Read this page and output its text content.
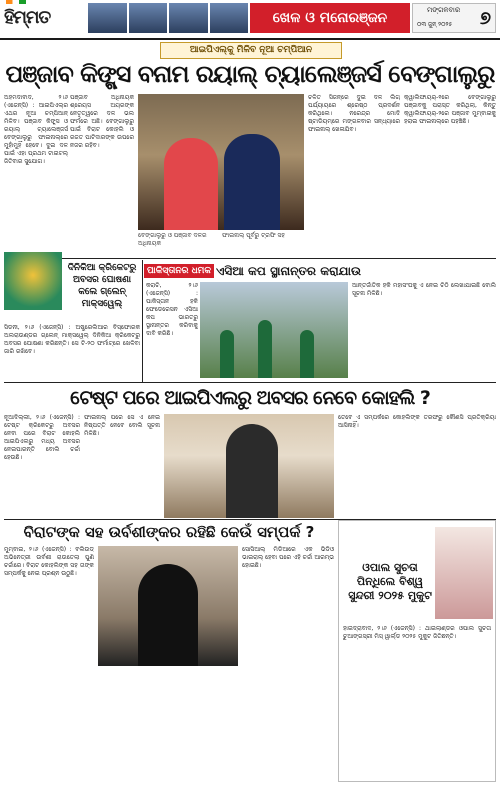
ହିମ୍ମତ	ଖେଳ ଓ ମନୋରଞ୍ଜନ	ମଙ୍ଗଳବାର
୦୩ ଜୁନ୍ ୨୦୨୫ ୭
ଆଇପିଏଲ୍‌କୁ ମିଳିବ ନୂଆ ଚମ୍ପିଆନ
ପଞ୍ଜାବ କିଙ୍ଗ୍ସ ବନାମ ରୟାଲ୍ ଚ୍ୟାଲେଞ୍ଜର୍ସ ବେଙ୍ଗାଲୁରୁ

ଅହମଦାବାଦ, ୨।୬ (ଏଜେନ୍ସି) : ଆଇପିଏଲ୍‌ର ଏଥର ନୂଆ ଚମ୍ପିଆନ୍ ମିଳିବ। ପଞ୍ଜାବ କିଙ୍ଗ୍ସ ଓ ରୟାଲ୍ ଚ୍ୟାଲେଞ୍ଜର୍ସ ବେଙ୍ଗାଲୁରୁ ଫାଇନାଲ୍‌ରେ ମୁହାଁମୁହିଁ ହେବେ। ଦୁଇ ଦଳ ପାଇଁ ଏହା ପ୍ରଥମ ଟାଇଟଲ୍ ଜିତିବାର ସୁଯୋଗ।

ପଞ୍ଜାବ ଅଧିନାୟକ ଶ୍ରେୟସ ଅୟରଙ୍କ ନେତୃତ୍ୱରେ ଦଳ ଭଲ ଫର୍ମରେ ଅଛି। ବେଙ୍ଗାଲୁରୁ ପାଇଁ ବିରାଟ କୋହଲି ଓ ରଜତ ପାଟିଦାରଙ୍କ ଉପରେ ନଜର ରହିବ।

ବେଙ୍ଗାଲୁରୁ ଓ ପଞ୍ଜାବ ଦଳର ଅଧିନାୟକ
ଫାଇନାଲ୍ ପୂର୍ବରୁ ଟ୍ରଫି ସହ

ଚଳିତ ସିଜନ୍‌ରେ ଦୁଇ ଦଳ ଲିଗ୍ ପର୍ଯ୍ୟାୟରେ ଶ୍ରେଷ୍ଠ ପ୍ରଦର୍ଶନ କରିଥିଲେ। ନରେନ୍ଦ୍ର ମୋଦି ଷ୍ଟାଡିୟମ୍‌ରେ ମଙ୍ଗଳବାର ସନ୍ଧ୍ୟାରେ ଫାଇନାଲ୍ ଖେଳାଯିବ।

କ୍ୱାଲିଫାୟର୍-୧ରେ ବେଙ୍ଗାଲୁରୁ ପଞ୍ଜାବକୁ ପରାସ୍ତ କରିଥିଲା, କିନ୍ତୁ କ୍ୱାଲିଫାୟର୍-୨ରେ ପଞ୍ଜାବ ମୁମ୍ବାଇକୁ ହରାଇ ଫାଇନାଲ୍‌ରେ ପହଞ୍ଚିଛି।

ଦିନିକିଆ କ୍ରିକେଟରୁ ଅବସର ଘୋଷଣା କଲେ ଗ୍ଲେନ୍ ମାକ୍ସୱେଲ୍

ସିଡନୀ, ୨।୬ (ଏଜେନ୍ସି) : ଅଷ୍ଟ୍ରେଲିଆର ବିସ୍ଫୋରକ ଅଲରାଉଣ୍ଡର ଗ୍ଲେନ୍ ମାକ୍ସୱେଲ୍ ଦିନିକିଆ କ୍ରିକେଟରୁ ଅବସର ଘୋଷଣା କରିଛନ୍ତି। ସେ ଟି-୨୦ ଫର୍ମାଟ୍‌ରେ ଖେଳିବା ଜାରି ରଖିବେ।

ପାକିସ୍ତାନର ଧମକ ଏସିଆ କପ ସ୍ଥାନାନ୍ତର କରାଯାଉ

କରାଚି, ୨।୬ (ଏଜେନ୍ସି) : ପାକିସ୍ତାନ ହକି ଫେଡେରେସନ ଏସିଆ କପ ଭାରତରୁ ସ୍ଥାନାନ୍ତର କରିବାକୁ ଦାବି କରିଛି।

ଆନ୍ତର୍ଜାତିକ ହକି ମହାସଂଘକୁ ଏ ନେଇ ଚିଠି ଲେଖାଯାଇଛି ବୋଲି ସୂଚନା ମିଳିଛି।

ଟେଷ୍ଟ ପରେ ଆଇପିଏଲରୁ ଅବସର ନେବେ କୋହଲି ?

ନୂଆଦିଲ୍ଲୀ, ୨।୬ (ଏଜେନ୍ସି) : ଟେଷ୍ଟ କ୍ରିକେଟରୁ ଅବସର ନେବା ପରେ ବିରାଟ କୋହଲି ଆଇପିଏଲରୁ ମଧ୍ୟ ଅବସର ନେଇପାରନ୍ତି ବୋଲି ଚର୍ଚ୍ଚା ହେଉଛି।

ଫାଇନାଲ୍ ପରେ ସେ ଏ ନେଇ ନିଷ୍ପତ୍ତି ନେବେ ବୋଲି ସୂଚନା ମିଳିଛି।

ତେବେ ଏ ସମ୍ପର୍କରେ କୋହଲିଙ୍କ ତରଫରୁ କୌଣସି ପ୍ରତିକ୍ରିୟା ଆସିନାହିଁ।

ବିରାଟଙ୍କ ସହ ଉର୍ବଶୀଙ୍କର ରହିଛି କେଉଁ ସମ୍ପର୍କ ?

ମୁମ୍ବାଇ, ୨।୬ (ଏଜେନ୍ସି) : ବଲିଉଡ୍ ଅଭିନେତ୍ରୀ ଉର୍ବଶୀ ରାଉତେଲା ପୁଣି ଚର୍ଚ୍ଚାରେ। ବିରାଟ କୋହଲିଙ୍କ ସହ ତାଙ୍କ ସମ୍ପର୍କକୁ ନେଇ ପ୍ରଶ୍ନ ଉଠୁଛି।

ସୋସିଆଲ୍ ମିଡିଆରେ ଏକ ଭିଡିଓ ଭାଇରାଲ୍ ହେବା ପରେ ଏହି ଚର୍ଚ୍ଚା ଆରମ୍ଭ ହୋଇଛି।	ଓପାଲ ସୁଚତା ପିନ୍ଧିଲେ ବିଶ୍ୱ ସୁନ୍ଦରୀ ୨୦୨୫ ମୁକୁଟ

ହାଇଦ୍ରାବାଦ, ୨।୬ (ଏଜେନ୍ସି) : ଥାଇଲାଣ୍ଡର ଓପାଲ ସୁଚତା ଚୁଆଙ୍ଗସ୍ରୀ ମିସ୍ ୱାର୍ଲ୍ଡ ୨୦୨୫ ମୁକୁଟ ଜିତିଛନ୍ତି।
